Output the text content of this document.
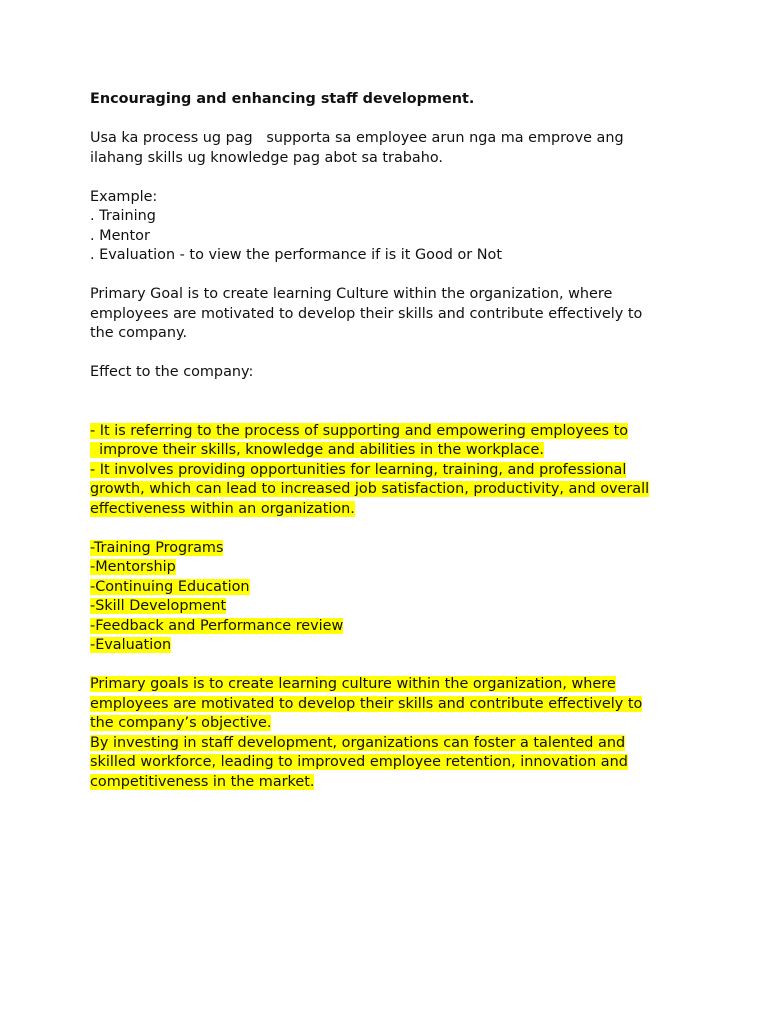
Encouraging and enhancing staff development.
Usa ka process ug pag   supporta sa employee arun nga ma emprove ang
ilahang skills ug knowledge pag abot sa trabaho.
Example:
. Training
. Mentor
. Evaluation - to view the performance if is it Good or Not
Primary Goal is to create learning Culture within the organization, where
employees are motivated to develop their skills and contribute effectively to
the company.
Effect to the company:
- It is referring to the process of supporting and empowering employees to
improve their skills, knowledge and abilities in the workplace.
- It involves providing opportunities for learning, training, and professional
growth, which can lead to increased job satisfaction, productivity, and overall
effectiveness within an organization.
-Training Programs
-Mentorship
-Continuing Education
-Skill Development
-Feedback and Performance review
-Evaluation
Primary goals is to create learning culture within the organization, where
employees are motivated to develop their skills and contribute effectively to
the company’s objective.
By investing in staff development, organizations can foster a talented and
skilled workforce, leading to improved employee retention, innovation and
competitiveness in the market.
